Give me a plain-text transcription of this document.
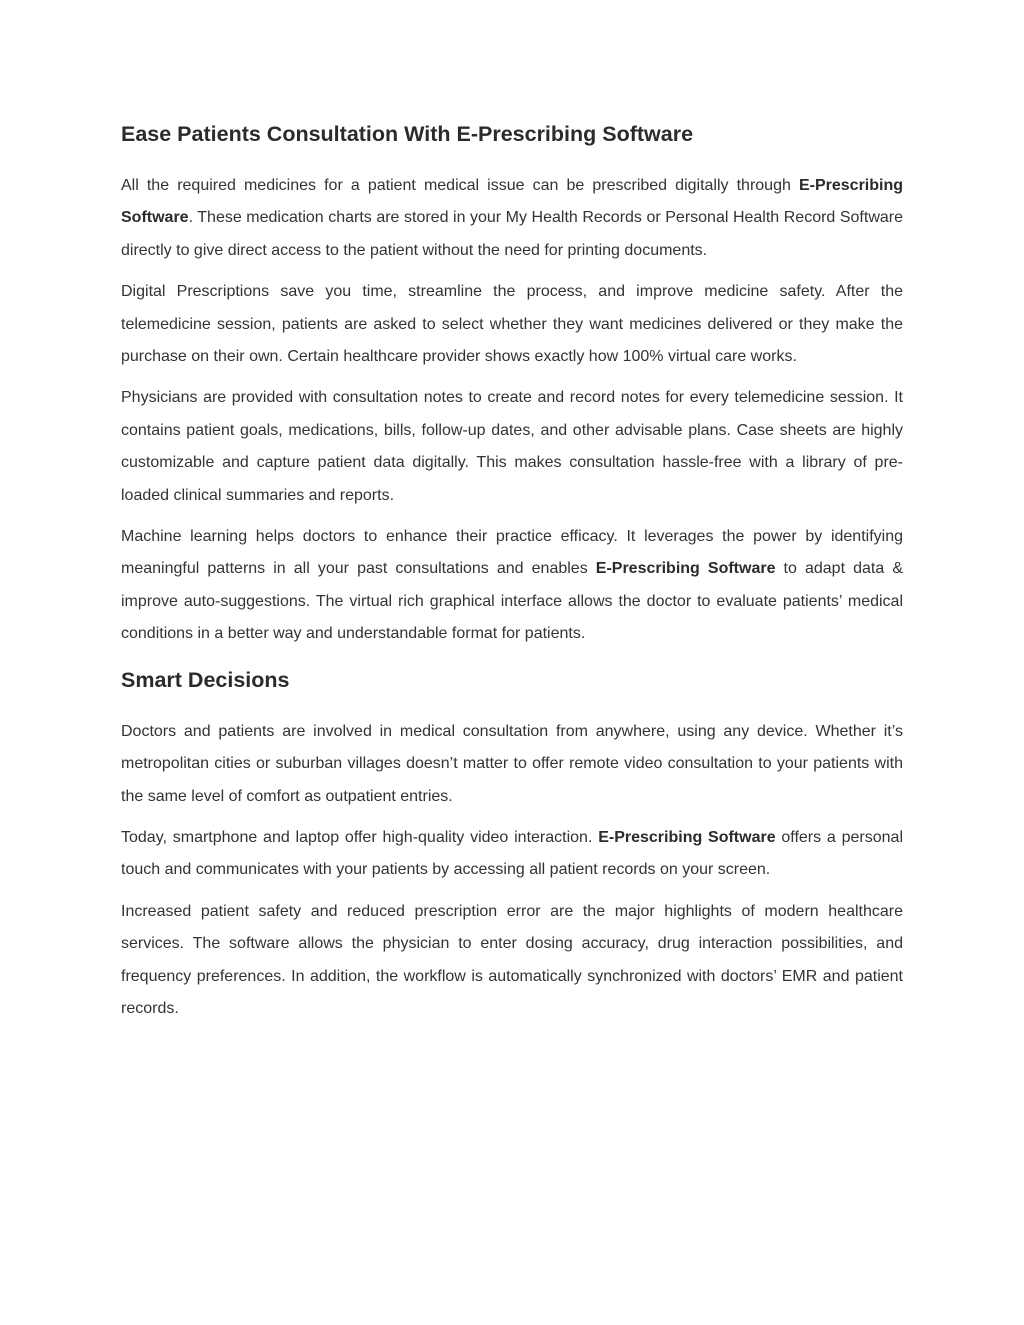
Ease Patients Consultation With E-Prescribing Software

All the required medicines for a patient medical issue can be prescribed digitally through E-Prescribing Software. These medication charts are stored in your My Health Records or Personal Health Record Software directly to give direct access to the patient without the need for printing documents.

Digital Prescriptions save you time, streamline the process, and improve medicine safety. After the telemedicine session, patients are asked to select whether they want medicines delivered or they make the purchase on their own. Certain healthcare provider shows exactly how 100% virtual care works.

Physicians are provided with consultation notes to create and record notes for every telemedicine session. It contains patient goals, medications, bills, follow-up dates, and other advisable plans. Case sheets are highly customizable and capture patient data digitally. This makes consultation hassle-free with a library of pre-loaded clinical summaries and reports.

Machine learning helps doctors to enhance their practice efficacy. It leverages the power by identifying meaningful patterns in all your past consultations and enables E-Prescribing Software to adapt data & improve auto-suggestions. The virtual rich graphical interface allows the doctor to evaluate patients’ medical conditions in a better way and understandable format for patients.

Smart Decisions

Doctors and patients are involved in medical consultation from anywhere, using any device. Whether it’s metropolitan cities or suburban villages doesn’t matter to offer remote video consultation to your patients with the same level of comfort as outpatient entries.

Today, smartphone and laptop offer high-quality video interaction. E-Prescribing Software offers a personal touch and communicates with your patients by accessing all patient records on your screen.

Increased patient safety and reduced prescription error are the major highlights of modern healthcare services. The software allows the physician to enter dosing accuracy, drug interaction possibilities, and frequency preferences. In addition, the workflow is automatically synchronized with doctors’ EMR and patient records.
